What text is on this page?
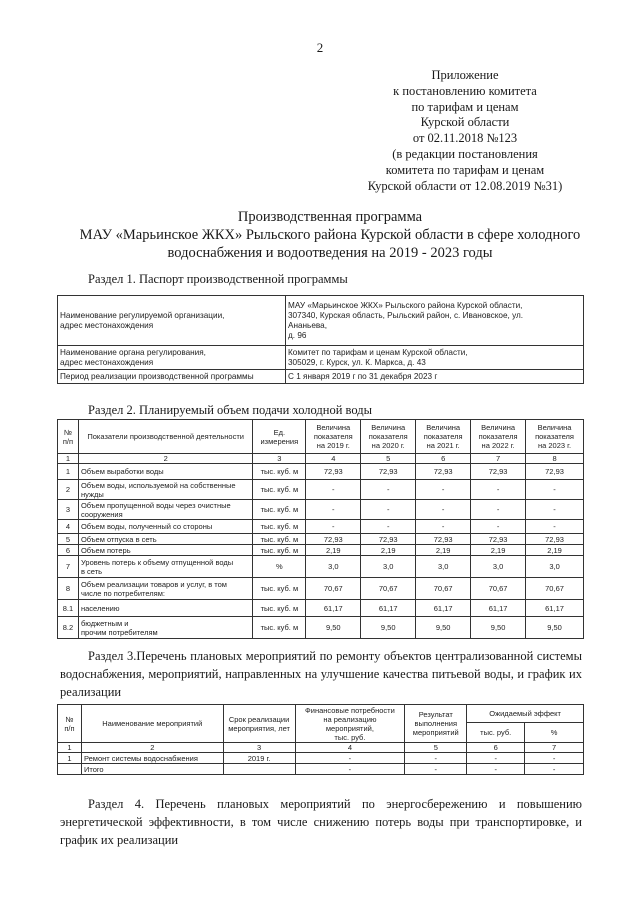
2
Приложение
к постановлению комитета
по тарифам и ценам
Курской области
от 02.11.2018 №123
(в редакции постановления
комитета по тарифам и ценам
Курской области от 12.08.2019 №31)
Производственная программа
МАУ «Марьинское ЖКХ» Рыльского района Курской области в сфере холодного
водоснабжения и водоотведения на 2019 - 2023 годы
Раздел 1. Паспорт производственной программы
Наименование регулируемой организации,
адрес местонахождения	МАУ «Марьинское ЖКХ» Рыльского района Курской области,
307340, Курская область, Рыльский район, с. Ивановское, ул.
Ананьева,
д. 96
Наименование органа регулирования,
адрес местонахождения	Комитет по тарифам и ценам Курской области,
305029, г. Курск, ул. К. Маркса, д. 43
Период реализации производственной программы	С 1 января 2019 г по 31 декабря 2023 г
Раздел 2. Планируемый объем подачи холодной воды
№
п/п	Показатели производственной деятельности	Ед.
измерения	Величина
показателя
на 2019 г.	Величина
показателя
на 2020 г.	Величина
показателя
на 2021 г.	Величина
показателя
на 2022 г.	Величина
показателя
на 2023 г.
1	2	3	4	5	6	7	8
1	Объем выработки воды	тыс. куб. м	72,93	72,93	72,93	72,93	72,93
2	Объем воды, используемой на собственные
нужды	тыс. куб. м	-	-	-	-	-
3	Объем пропущенной воды через очистные
сооружения	тыс. куб. м	-	-	-	-	-
4	Объем воды, полученный со стороны	тыс. куб. м	-	-	-	-	-
5	Объем отпуска в сеть	тыс. куб. м	72,93	72,93	72,93	72,93	72,93
6	Объем потерь	тыс. куб. м	2,19	2,19	2,19	2,19	2,19
7	Уровень потерь к объему отпущенной воды
в сеть	%	3,0	3,0	3,0	3,0	3,0
8	Объем реализации товаров и услуг, в том
числе по потребителям:	тыс. куб. м	70,67	70,67	70,67	70,67	70,67
8.1	населению	тыс. куб. м	61,17	61,17	61,17	61,17	61,17
8.2	бюджетным и
прочим потребителям	тыс. куб. м	9,50	9,50	9,50	9,50	9,50
Раздел 3.Перечень плановых мероприятий по ремонту объектов централизованной системы водоснабжения, мероприятий, направленных на улучшение качества питьевой воды, и график их реализации
№
п/п	Наименование мероприятий	Срок реализации
мероприятия, лет	Финансовые потребности
на реализацию
мероприятий,
тыс. руб.	Результат
выполнения
мероприятий	Ожидаемый эффект	
					тыс. руб.	%
1	2	3	4	5	6	7
1	Ремонт системы водоснабжения	2019 г.	-	-	-	-
	Итого		-	-	-	-
Раздел 4. Перечень плановых мероприятий по энергосбережению и повышению энергетической эффективности, в том числе снижению потерь воды при транспортировке, и график их реализации
